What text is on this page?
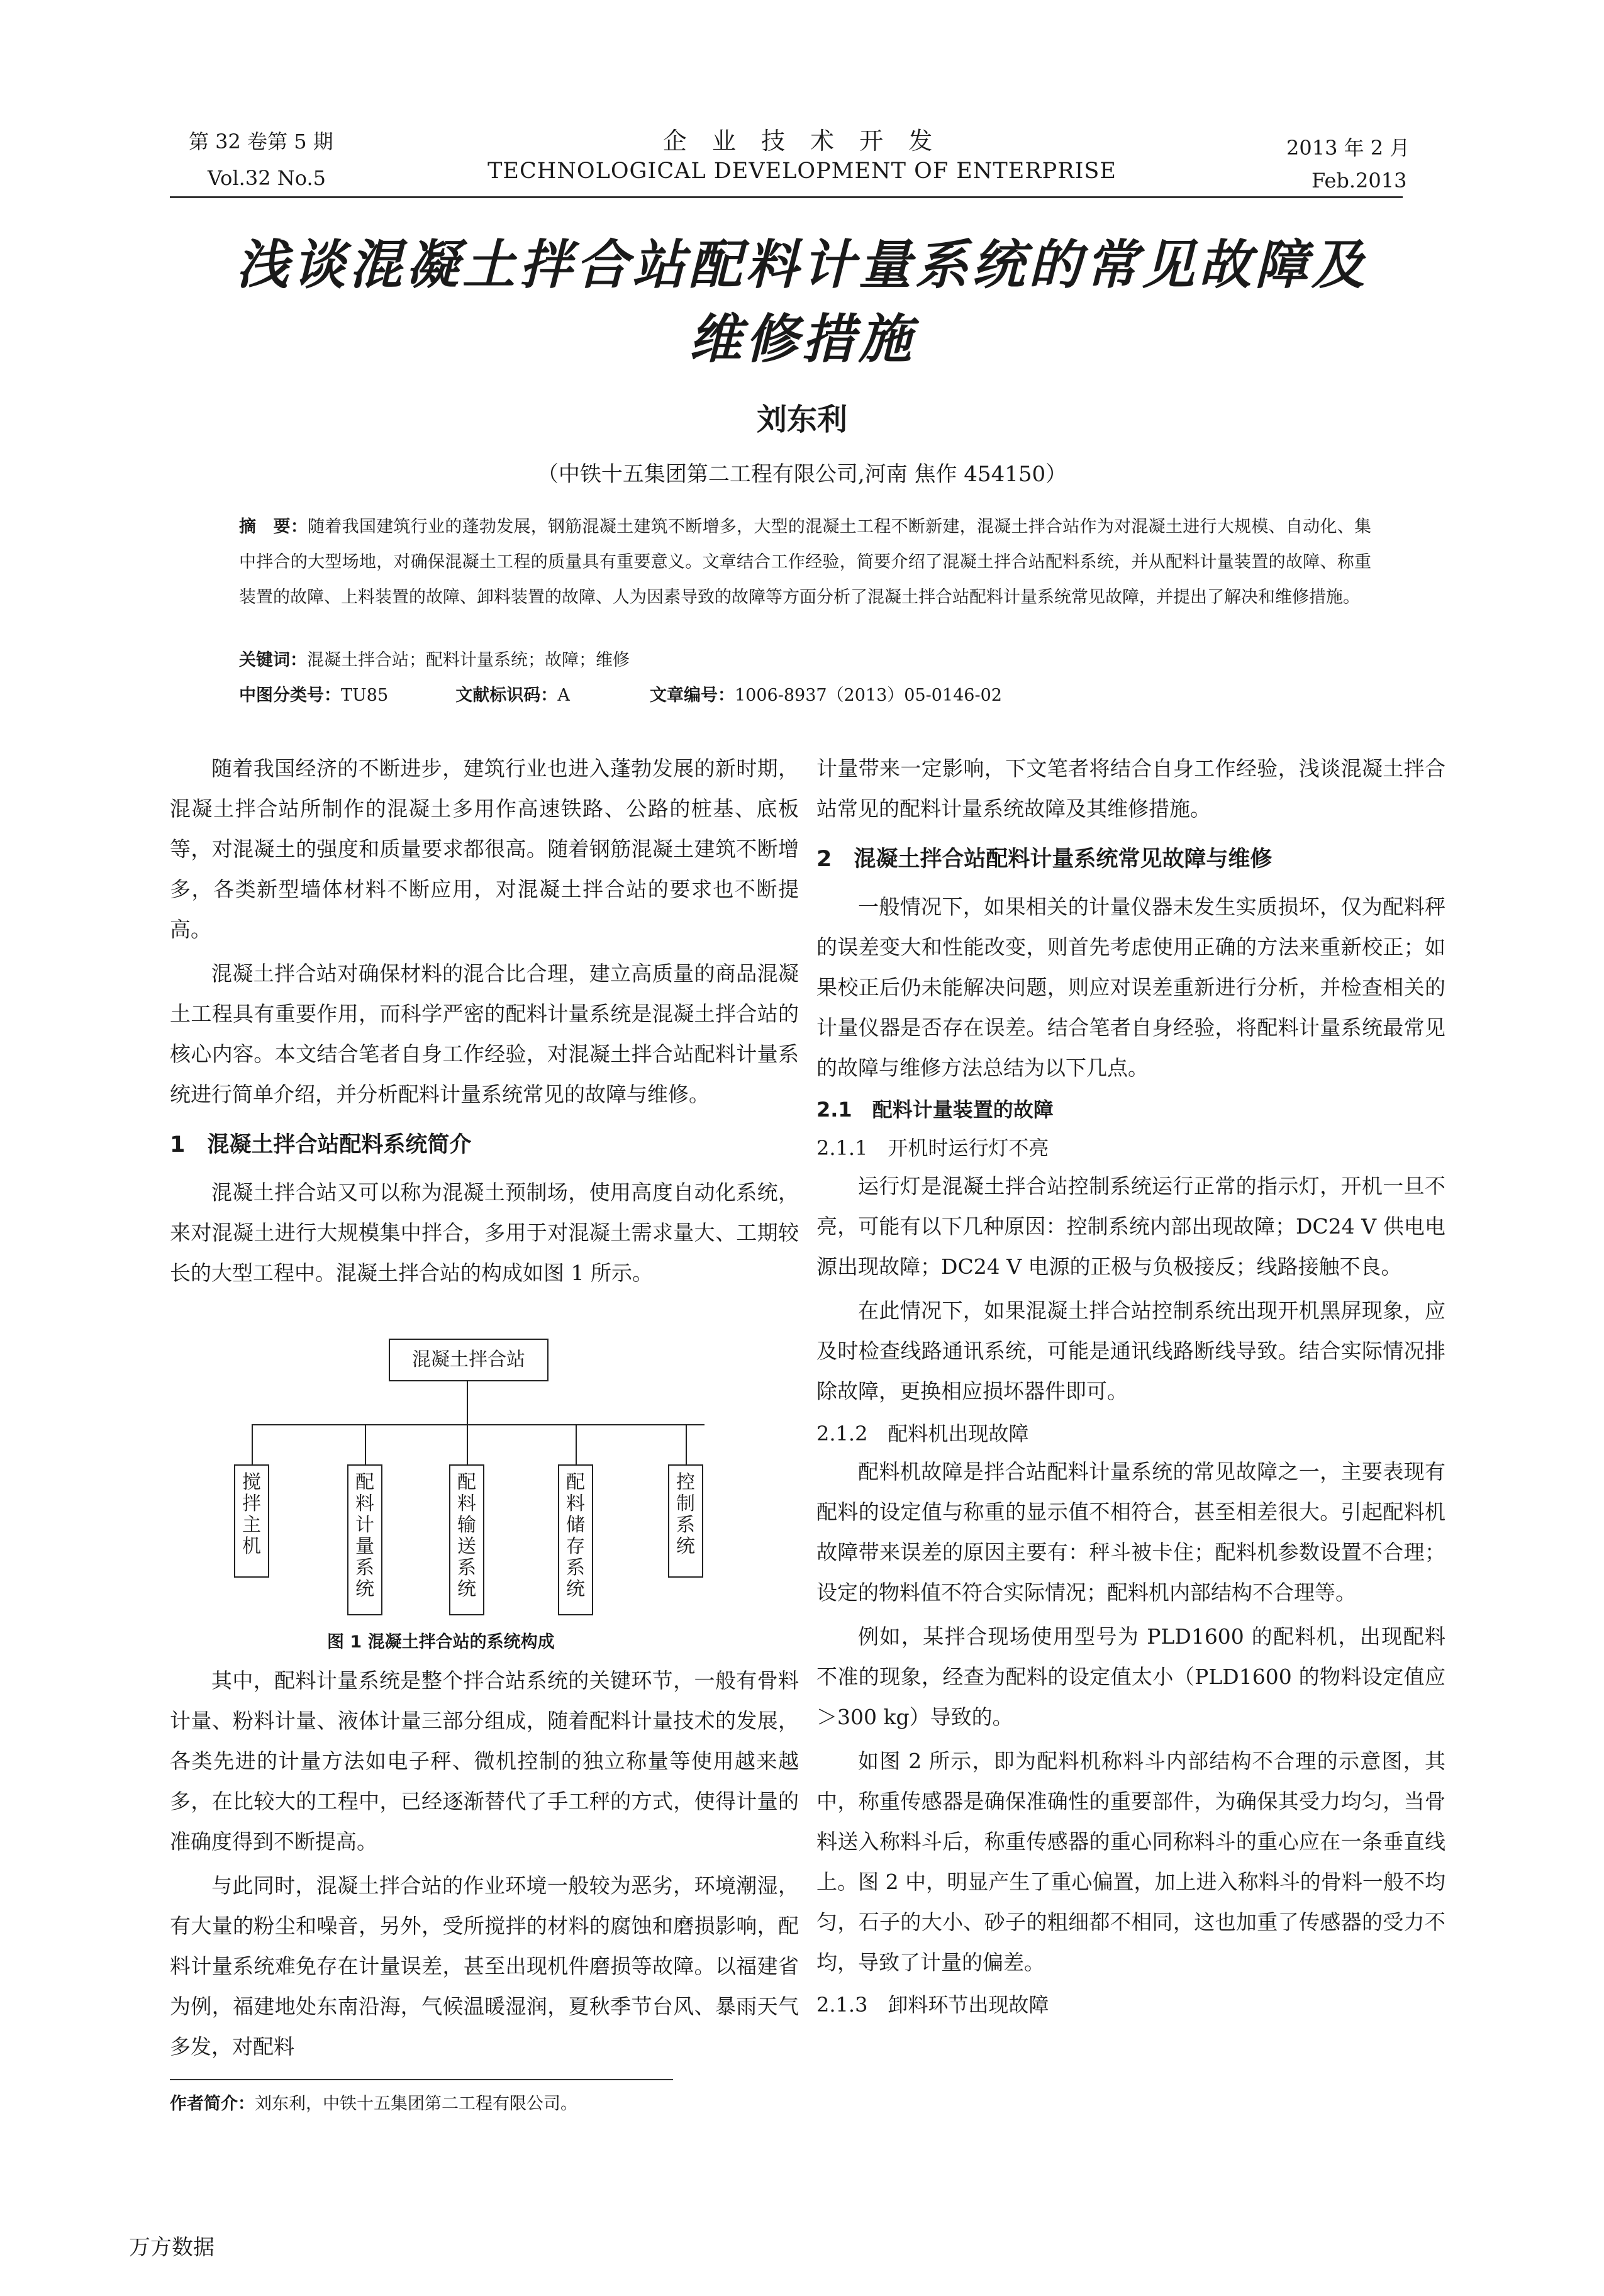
第 32 卷第 5 期
Vol.32 No.5
企 业 技 术 开 发
TECHNOLOGICAL DEVELOPMENT OF ENTERPRISE
2013 年 2 月
Feb.2013
浅谈混凝土拌合站配料计量系统的常见故障及
维修措施
刘东利
（中铁十五集团第二工程有限公司,河南 焦作 454150）
摘　要：随着我国建筑行业的蓬勃发展，钢筋混凝土建筑不断增多，大型的混凝土工程不断新建，混凝土拌合站作为对混凝土进行大规模、自动化、集中拌合的大型场地，对确保混凝土工程的质量具有重要意义。文章结合工作经验，简要介绍了混凝土拌合站配料系统，并从配料计量装置的故障、称重装置的故障、上料装置的故障、卸料装置的故障、人为因素导致的故障等方面分析了混凝土拌合站配料计量系统常见故障，并提出了解决和维修措施。
关键词：混凝土拌合站；配料计量系统；故障；维修
中图分类号：TU85	文献标识码：A	文章编号：1006-8937（2013）05-0146-02

随着我国经济的不断进步，建筑行业也进入蓬勃发展的新时期，混凝土拌合站所制作的混凝土多用作高速铁路、公路的桩基、底板等，对混凝土的强度和质量要求都很高。随着钢筋混凝土建筑不断增多，各类新型墙体材料不断应用，对混凝土拌合站的要求也不断提高。

混凝土拌合站对确保材料的混合比合理，建立高质量的商品混凝土工程具有重要作用，而科学严密的配料计量系统是混凝土拌合站的核心内容。本文结合笔者自身工作经验，对混凝土拌合站配料计量系统进行简单介绍，并分析配料计量系统常见的故障与维修。

1　混凝土拌合站配料系统简介

混凝土拌合站又可以称为混凝土预制场，使用高度自动化系统，来对混凝土进行大规模集中拌合，多用于对混凝土需求量大、工期较长的大型工程中。混凝土拌合站的构成如图 1 所示。

混凝土拌合站
搅
拌
主
机
配
料
计
量
系
统
配
料
输
送
系
统
配
料
储
存
系
统
控
制
系
统
图 1 混凝土拌合站的系统构成

其中，配料计量系统是整个拌合站系统的关键环节，一般有骨料计量、粉料计量、液体计量三部分组成，随着配料计量技术的发展，各类先进的计量方法如电子秤、微机控制的独立称量等使用越来越多，在比较大的工程中，已经逐渐替代了手工秤的方式，使得计量的准确度得到不断提高。

与此同时，混凝土拌合站的作业环境一般较为恶劣，环境潮湿，有大量的粉尘和噪音，另外，受所搅拌的材料的腐蚀和磨损影响，配料计量系统难免存在计量误差，甚至出现机件磨损等故障。以福建省为例，福建地处东南沿海，气候温暖湿润，夏秋季节台风、暴雨天气多发，对配料

作者简介：刘东利，中铁十五集团第二工程有限公司。

计量带来一定影响，下文笔者将结合自身工作经验，浅谈混凝土拌合站常见的配料计量系统故障及其维修措施。

2　混凝土拌合站配料计量系统常见故障与维修

一般情况下，如果相关的计量仪器未发生实质损坏，仅为配料秤的误差变大和性能改变，则首先考虑使用正确的方法来重新校正；如果校正后仍未能解决问题，则应对误差重新进行分析，并检查相关的计量仪器是否存在误差。结合笔者自身经验，将配料计量系统最常见的故障与维修方法总结为以下几点。

2.1　配料计量装置的故障
2.1.1　开机时运行灯不亮

运行灯是混凝土拌合站控制系统运行正常的指示灯，开机一旦不亮，可能有以下几种原因：控制系统内部出现故障；DC24 V 供电电源出现故障；DC24 V 电源的正极与负极接反；线路接触不良。

在此情况下，如果混凝土拌合站控制系统出现开机黑屏现象，应及时检查线路通讯系统，可能是通讯线路断线导致。结合实际情况排除故障，更换相应损坏器件即可。

2.1.2　配料机出现故障

配料机故障是拌合站配料计量系统的常见故障之一，主要表现有配料的设定值与称重的显示值不相符合，甚至相差很大。引起配料机故障带来误差的原因主要有：秤斗被卡住；配料机参数设置不合理；设定的物料值不符合实际情况；配料机内部结构不合理等。

例如，某拌合现场使用型号为 PLD1600 的配料机，出现配料不准的现象，经查为配料的设定值太小（PLD1600 的物料设定值应＞300 kg）导致的。

如图 2 所示，即为配料机称料斗内部结构不合理的示意图，其中，称重传感器是确保准确性的重要部件，为确保其受力均匀，当骨料送入称料斗后，称重传感器的重心同称料斗的重心应在一条垂直线上。图 2 中，明显产生了重心偏置，加上进入称料斗的骨料一般不均匀，石子的大小、砂子的粗细都不相同，这也加重了传感器的受力不均，导致了计量的偏差。

2.1.3　卸料环节出现故障
万方数据
